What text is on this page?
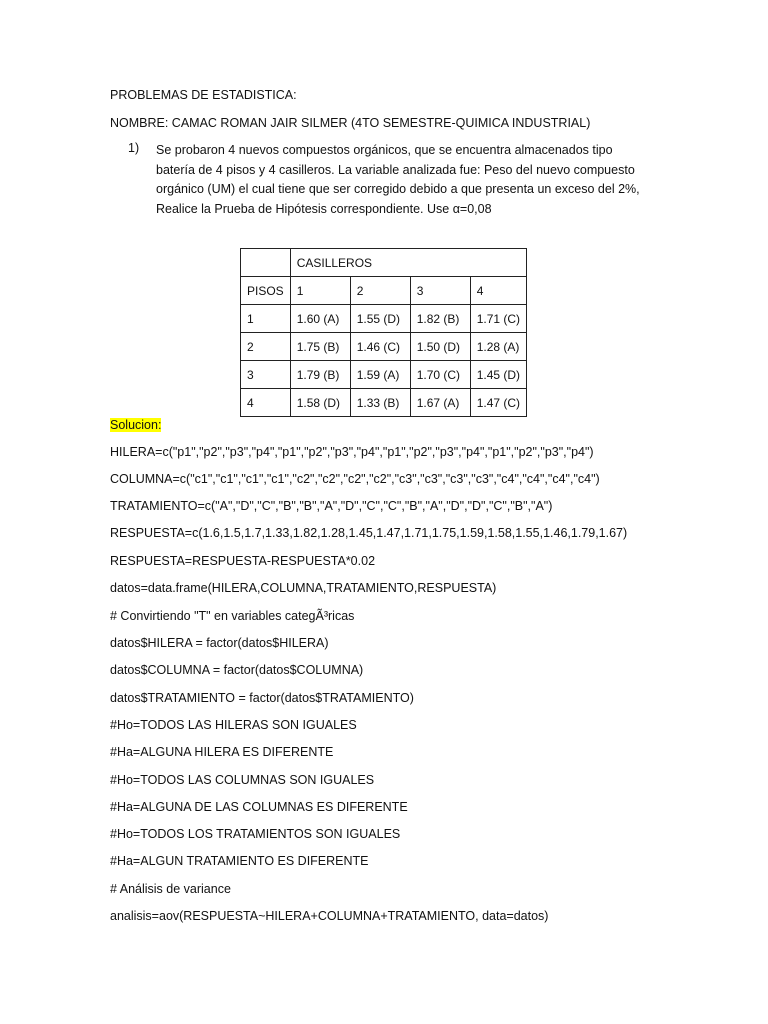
PROBLEMAS DE ESTADISTICA:
NOMBRE: CAMAC ROMAN JAIR SILMER (4TO SEMESTRE-QUIMICA INDUSTRIAL)
1) Se probaron 4 nuevos compuestos orgánicos, que se encuentra almacenados tipo
batería de 4 pisos y 4 casilleros. La variable analizada fue: Peso del nuevo compuesto
orgánico (UM) el cual tiene que ser corregido debido a que presenta un exceso del 2%,
Realice la Prueba de Hipótesis correspondiente. Use α=0,08
	CASILLEROS			
PISOS	1	2	3	4
1	1.60 (A)	1.55 (D)	1.82 (B)	1.71 (C)
2	1.75 (B)	1.46 (C)	1.50 (D)	1.28 (A)
3	1.79 (B)	1.59 (A)	1.70 (C)	1.45 (D)
4	1.58 (D)	1.33 (B)	1.67 (A)	1.47 (C)
Solucion:
HILERA=c("p1","p2","p3","p4","p1","p2","p3","p4","p1","p2","p3","p4","p1","p2","p3","p4")
COLUMNA=c("c1","c1","c1","c1","c2","c2","c2","c2","c3","c3","c3","c3","c4","c4","c4","c4")
TRATAMIENTO=c("A","D","C","B","B","A","D","C","C","B","A","D","D","C","B","A")
RESPUESTA=c(1.6,1.5,1.7,1.33,1.82,1.28,1.45,1.47,1.71,1.75,1.59,1.58,1.55,1.46,1.79,1.67)
RESPUESTA=RESPUESTA-RESPUESTA*0.02
datos=data.frame(HILERA,COLUMNA,TRATAMIENTO,RESPUESTA)
# Convirtiendo "T" en variables categÃ³ricas
datos$HILERA = factor(datos$HILERA)
datos$COLUMNA = factor(datos$COLUMNA)
datos$TRATAMIENTO = factor(datos$TRATAMIENTO)
#Ho=TODOS LAS HILERAS SON IGUALES
#Ha=ALGUNA HILERA ES DIFERENTE
#Ho=TODOS LAS COLUMNAS SON IGUALES
#Ha=ALGUNA DE LAS COLUMNAS ES DIFERENTE
#Ho=TODOS LOS TRATAMIENTOS SON IGUALES
#Ha=ALGUN TRATAMIENTO ES DIFERENTE
# Análisis de variance
analisis=aov(RESPUESTA~HILERA+COLUMNA+TRATAMIENTO, data=datos)
